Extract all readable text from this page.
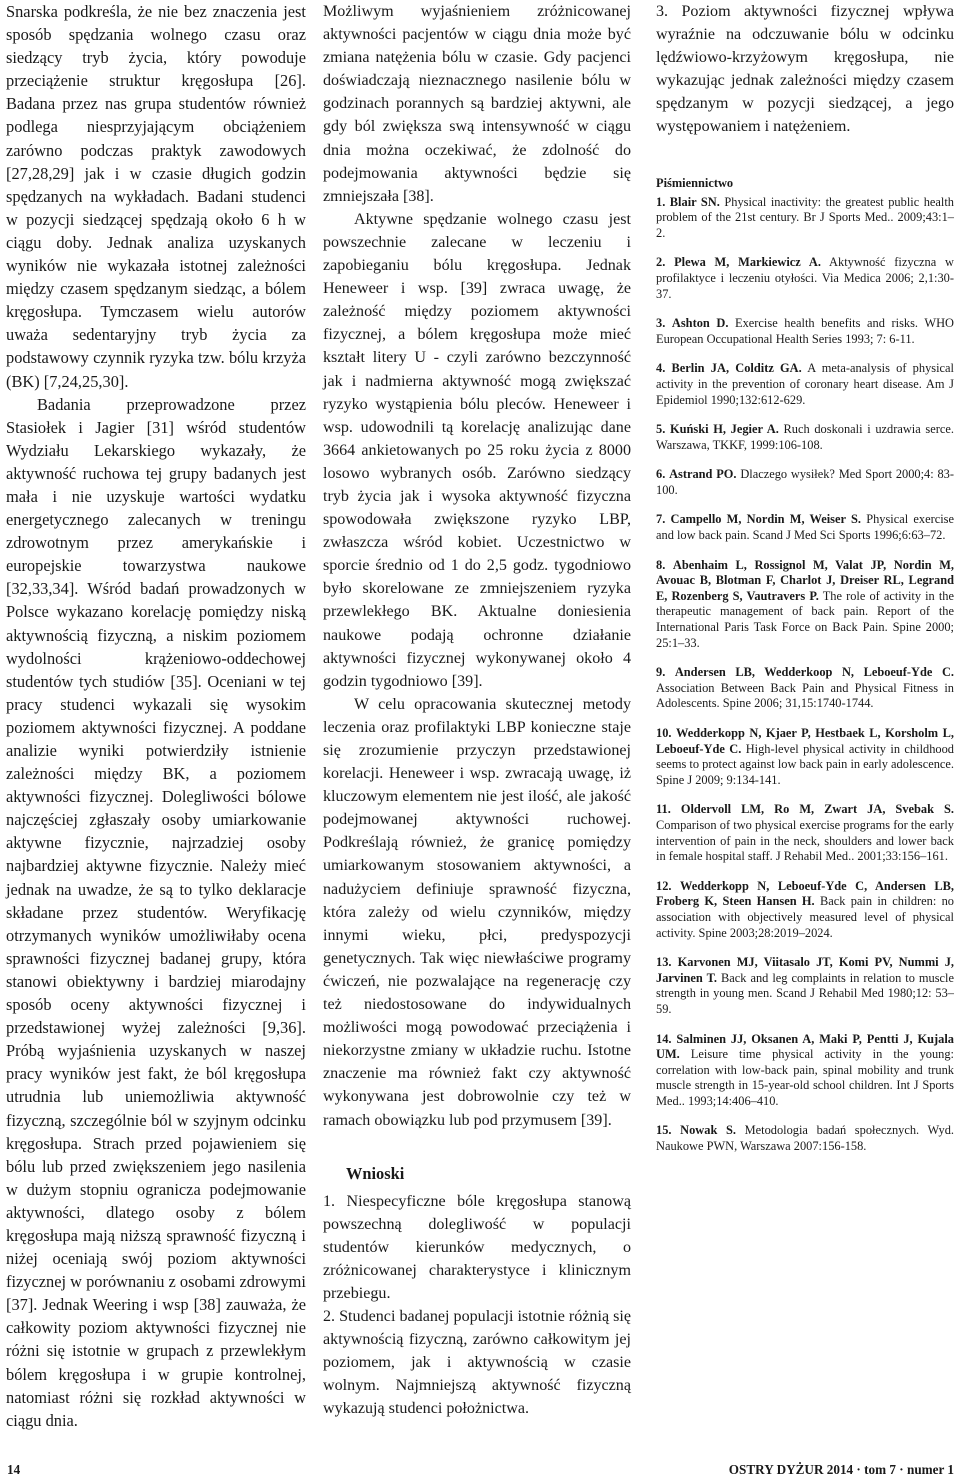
Snarska podkreśla, że nie bez znaczenia jest sposób spędzania wolnego czasu oraz siedzący tryb życia, który powoduje przeciążenie struktur kręgosłupa [26]. Badana przez nas grupa studentów również podlega niesprzyjającym obciążeniem zarówno podczas praktyk zawodowych [27,28,29] jak i w czasie długich godzin spędzanych na wykładach. Badani studenci w pozycji siedzącej spędzają około 6 h w ciągu doby. Jednak analiza uzyskanych wyników nie wykazała istotnej zależności między czasem spędzanym siedząc, a bólem kręgosłupa. Tymczasem wielu autorów uważa sedentaryjny tryb życia za podstawowy czynnik ryzyka tzw. bólu krzyża (BK) [7,24,25,30].

Badania przeprowadzone przez Stasiołek i Jagier [31] wśród studentów Wydziału Lekarskiego wykazały, że aktywność ruchowa tej grupy badanych jest mała i nie uzyskuje wartości wydatku energetycznego zalecanych w treningu zdrowotnym przez amerykańskie i europejskie towarzystwa naukowe [32,33,34]. Wśród badań prowadzonych w Polsce wykazano korelację pomiędzy niską aktywnością fizyczną, a niskim poziomem wydolności krążeniowo-oddechowej studentów tych studiów [35]. Oceniani w tej pracy studenci wykazali się wysokim poziomem aktywności fizycznej. A poddane analizie wyniki potwierdziły istnienie zależności między BK, a poziomem aktywności fizycznej. Dolegliwości bólowe najczęściej zgłaszały osoby umiarkowanie aktywne fizycznie, najrzadziej osoby najbardziej aktywne fizycznie. Należy mieć jednak na uwadze, że są to tylko deklaracje składane przez studentów. Weryfikację otrzymanych wyników umożliwiłaby ocena sprawności fizycznej badanej grupy, która stanowi obiektywny i bardziej miarodajny sposób oceny aktywności fizycznej i przedstawionej wyżej zależności [9,36]. Próbą wyjaśnienia uzyskanych w naszej pracy wyników jest fakt, że ból kręgosłupa utrudnia lub uniemożliwia aktywność fizyczną, szczególnie ból w szyjnym odcinku kręgosłupa. Strach przed pojawieniem się bólu lub przed zwiększeniem jego nasilenia w dużym stopniu ogranicza podejmowanie aktywności, dlatego osoby z bólem kręgosłupa mają niższą sprawność fizyczną i niżej oceniają swój poziom aktywności fizycznej w porównaniu z osobami zdrowymi [37]. Jednak Weering i wsp [38] zauważa, że całkowity poziom aktywności fizycznej nie różni się istotnie w grupach z przewlekłym bólem kręgosłupa i w grupie kontrolnej, natomiast różni się rozkład aktywności w ciągu dnia.

Możliwym wyjaśnieniem zróżnicowanej aktywności pacjentów w ciągu dnia może być zmiana natężenia bólu w czasie. Gdy pacjenci doświadczają nieznacznego nasilenie bólu w godzinach porannych są bardziej aktywni, ale gdy ból zwiększa swą intensywność w ciągu dnia można oczekiwać, że zdolność do podejmowania aktywności będzie się zmniejszała [38].

Aktywne spędzanie wolnego czasu jest powszechnie zalecane w leczeniu i zapobieganiu bólu kręgosłupa. Jednak Heneweer i wsp. [39] zwraca uwagę, że zależność między poziomem aktywności fizycznej, a bólem kręgosłupa może mieć kształt litery U - czyli zarówno bezczynność jak i nadmierna aktywność mogą zwiększać ryzyko wystąpienia bólu pleców. Heneweer i wsp. udowodnili tą korelację analizując dane 3664 ankietowanych po 25 roku życia z 8000 losowo wybranych osób. Zarówno siedzący tryb życia jak i wysoka aktywność fizyczna spowodowała zwiększone ryzyko LBP, zwłaszcza wśród kobiet. Uczestnictwo w sporcie średnio od 1 do 2,5 godz. tygodniowo było skorelowane ze zmniejszeniem ryzyka przewlekłego BK. Aktualne doniesienia naukowe podają ochronne działanie aktywności fizycznej wykonywanej około 4 godzin tygodniowo [39].

W celu opracowania skutecznej metody leczenia oraz profilaktyki LBP konieczne staje się zrozumienie przyczyn przedstawionej korelacji. Heneweer i wsp. zwracają uwagę, iż kluczowym elementem nie jest ilość, ale jakość podejmowanej aktywności ruchowej. Podkreślają również, że granicę pomiędzy umiarkowanym stosowaniem aktywności, a nadużyciem definiuje sprawność fizyczna, która zależy od wielu czynników, między innymi wieku, płci, predyspozycji genetycznych. Tak więc niewłaściwe programy ćwiczeń, nie pozwalające na regenerację czy też niedostosowane do indywidualnych możliwości mogą powodować przeciążenia i niekorzystne zmiany w układzie ruchu. Istotne znaczenie ma również fakt czy aktywność wykonywana jest dobrowolnie czy też w ramach obowiązku lub pod przymusem [39].

Wnioski

1. Niespecyficzne bóle kręgosłupa stanową powszechną dolegliwość w populacji studentów kierunków medycznych, o zróżnicowanej charakterystyce i klinicznym przebiegu.

2. Studenci badanej populacji istotnie różnią się aktywnością fizyczną, zarówno całkowitym jej poziomem, jak i aktywnością w czasie wolnym. Najmniejszą aktywność fizyczną wykazują studenci położnictwa.

3. Poziom aktywności fizycznej wpływa wyraźnie na odczuwanie bólu w odcinku lędźwiowo-krzyżowym kręgosłupa, nie wykazując jednak zależności między czasem spędzanym w pozycji siedzącej, a jego występowaniem i natężeniem.

Piśmiennictwo
1. Blair SN. Physical inactivity: the greatest public health problem of the 21st century. Br J Sports Med.. 2009;43:1–2.
2. Plewa M, Markiewicz A. Aktywność fizyczna w profilaktyce i leczeniu otyłości. Via Medica 2006; 2,1:30-37.
3. Ashton D. Exercise health benefits and risks. WHO European Occupational Health Series 1993; 7: 6-11.
4. Berlin JA, Colditz GA. A meta-analysis of physical activity in the prevention of coronary heart disease. Am J Epidemiol 1990;132:612-629.
5. Kuński H, Jegier A. Ruch doskonali i uzdrawia serce. Warszawa, TKKF, 1999:106-108.
6. Astrand PO. Dlaczego wysiłek? Med Sport 2000;4: 83-100.
7. Campello M, Nordin M, Weiser S. Physical exercise and low back pain. Scand J Med Sci Sports 1996;6:63–72.
8. Abenhaim L, Rossignol M, Valat JP, Nordin M, Avouac B, Blotman F, Charlot J, Dreiser RL, Legrand E, Rozenberg S, Vautravers P. The role of activity in the therapeutic management of back pain. Report of the International Paris Task Force on Back Pain. Spine 2000; 25:1–33.
9. Andersen LB, Wedderkoop N, Leboeuf-Yde C. Association Between Back Pain and Physical Fitness in Adolescents. Spine 2006; 31,15:1740-1744.
10. Wedderkopp N, Kjaer P, Hestbaek L, Korsholm L, Leboeuf-Yde C. High-level physical activity in childhood seems to protect against low back pain in early adolescence. Spine J 2009; 9:134-141.
11. Oldervoll LM, Ro M, Zwart JA, Svebak S. Comparison of two physical exercise programs for the early intervention of pain in the neck, shoulders and lower back in female hospital staff. J Rehabil Med.. 2001;33:156–161.
12. Wedderkopp N, Leboeuf-Yde C, Andersen LB, Froberg K, Steen Hansen H. Back pain in children: no association with objectively measured level of physical activity. Spine 2003;28:2019–2024.
13. Karvonen MJ, Viitasalo JT, Komi PV, Nummi J, Jarvinen T. Back and leg complaints in relation to muscle strength in young men. Scand J Rehabil Med 1980;12: 53–59.
14. Salminen JJ, Oksanen A, Maki P, Pentti J, Kujala UM. Leisure time physical activity in the young: correlation with low-back pain, spinal mobility and trunk muscle strength in 15-year-old school children. Int J Sports Med.. 1993;14:406–410.
15. Nowak S. Metodologia badań społecznych. Wyd. Naukowe PWN, Warszawa 2007:156-158.
14	OSTRY DYŻUR 2014 · tom 7 · numer 1
